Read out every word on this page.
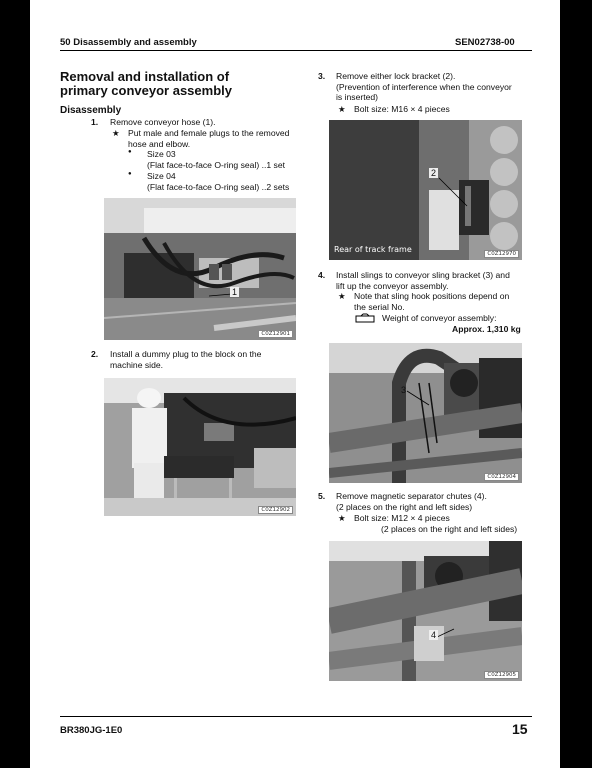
50 Disassembly and assembly	SEN02738-00
Removal and installation of
primary conveyor assembly
Disassembly
1. Remove conveyor hose (1).
★ Put male and female plugs to the removed
hose and elbow.
● Size 03
(Flat face-to-face O-ring seal) ..1 set
● Size 04
(Flat face-to-face O-ring seal) ..2 sets
1
C0Z12901
2. Install a dummy plug to the block on the
machine side.
C0Z12902
3. Remove either lock bracket (2).
(Prevention of interference when the conveyor
is inserted)
★ Bolt size: M16 × 4 pieces
2
Rear of track frame	C0Z12970
4. Install slings to conveyor sling bracket (3) and
lift up the conveyor assembly.
★ Note that sling hook positions depend on
the serial No.
Weight of conveyor assembly:
Approx. 1,310 kg
3
C0Z12904
5. Remove magnetic separator chutes (4).
(2 places on the right and left sides)
★ Bolt size: M12 × 4 pieces
(2 places on the right and left sides)
4
C0Z12905
BR380JG-1E0	15
